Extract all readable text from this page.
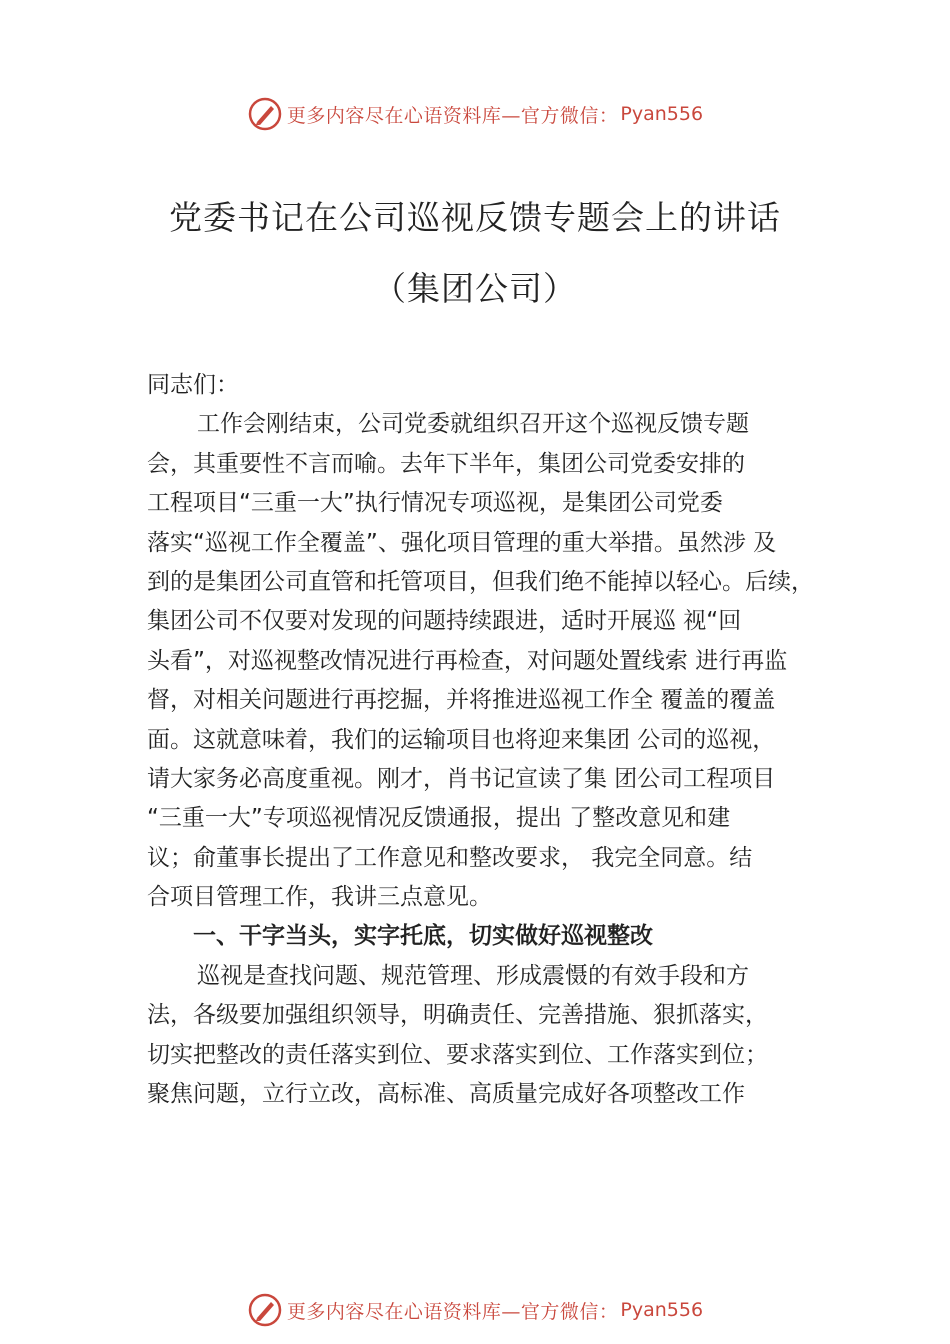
更多内容尽在心语资料库—官方微信： Pyan556
党委书记在公司巡视反馈专题会上的讲话
（集团公司）
同志们：
工作会刚结束，公司党委就组织召开这个巡视反馈专题
会，其重要性不言而喻。去年下半年，集团公司党委安排的
工程项目“三重一大”执行情况专项巡视，是集团公司党委
落实“巡视工作全覆盖”、强化项目管理的重大举措。虽然涉 及
到的是集团公司直管和托管项目，但我们绝不能掉以轻心。后续，
集团公司不仅要对发现的问题持续跟进，适时开展巡 视“回
头看”，对巡视整改情况进行再检查，对问题处置线索 进行再监
督，对相关问题进行再挖掘，并将推进巡视工作全 覆盖的覆盖
面。这就意味着，我们的运输项目也将迎来集团 公司的巡视，
请大家务必高度重视。刚才，肖书记宣读了集 团公司工程项目
“三重一大”专项巡视情况反馈通报，提出 了整改意见和建
议；俞董事长提出了工作意见和整改要求， 我完全同意。结
合项目管理工作，我讲三点意见。
一、干字当头，实字托底，切实做好巡视整改
巡视是查找问题、规范管理、形成震慑的有效手段和方
法，各级要加强组织领导，明确责任、完善措施、狠抓落实，
切实把整改的责任落实到位、要求落实到位、工作落实到位；
聚焦问题，立行立改，高标准、高质量完成好各项整改工作
更多内容尽在心语资料库—官方微信： Pyan556
